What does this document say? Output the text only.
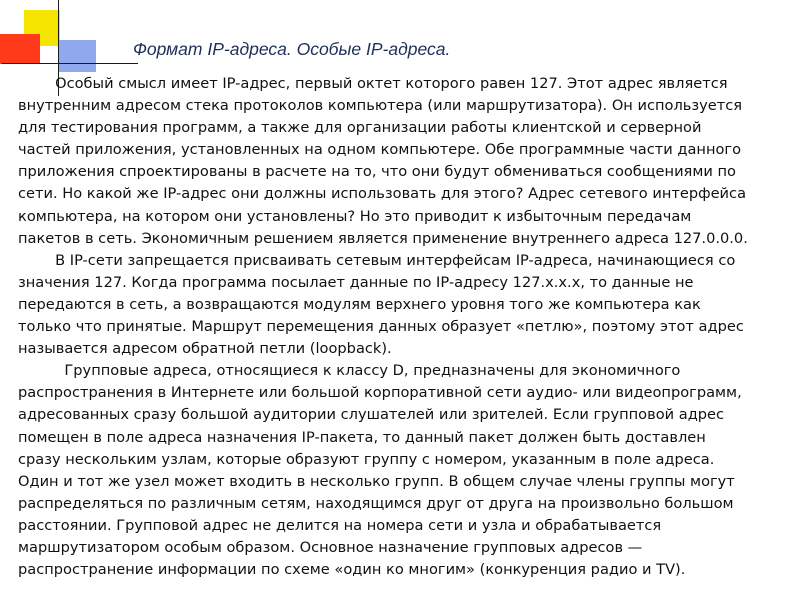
Формат IP-адреса. Особые IP-адреса.

Особый смысл имеет IP-адрес, первый октет которого равен 127. Этот адрес является
внутренним адресом стека протоколов компьютера (или маршрутизатора). Он используется
для тестирования программ, а также для организации работы клиентской и серверной
частей приложения, установленных на одном компьютере. Обе программные части данного
приложения спроектированы в расчете на то, что они будут обмениваться сообщениями по
сети. Но какой же IP-адрес они должны использовать для этого? Адрес сетевого интерфейса
компьютера, на котором они установлены? Но это приводит к избыточным передачам
пакетов в сеть. Экономичным решением является применение внутреннего адреса 127.0.0.0.

В IP-сети запрещается присваивать сетевым интерфейсам IP-адреса, начинающиеся со
значения 127. Когда программа посылает данные по IP-адресу 127.x.x.x, то данные не
передаются в сеть, а возвращаются модулям верхнего уровня того же компьютера как
только что принятые. Маршрут перемещения данных образует «петлю», поэтому этот адрес
называется адресом обратной петли (loopback).

Групповые адреса, относящиеся к классу D, предназначены для экономичного
распространения в Интернете или большой корпоративной сети аудио- или видеопрограмм,
адресованных сразу большой аудитории слушателей или зрителей. Если групповой адрес
помещен в поле адреса назначения IP-пакета, то данный пакет должен быть доставлен
сразу нескольким узлам, которые образуют группу с номером, указанным в поле адреса.
Один и тот же узел может входить в несколько групп. В общем случае члены группы могут
распределяться по различным сетям, находящимся друг от друга на произвольно большом
расстоянии. Групповой адрес не делится на номера сети и узла и обрабатывается
маршрутизатором особым образом. Основное назначение групповых адресов —
распространение информации по схеме «один ко многим» (конкуренция радио и TV).
